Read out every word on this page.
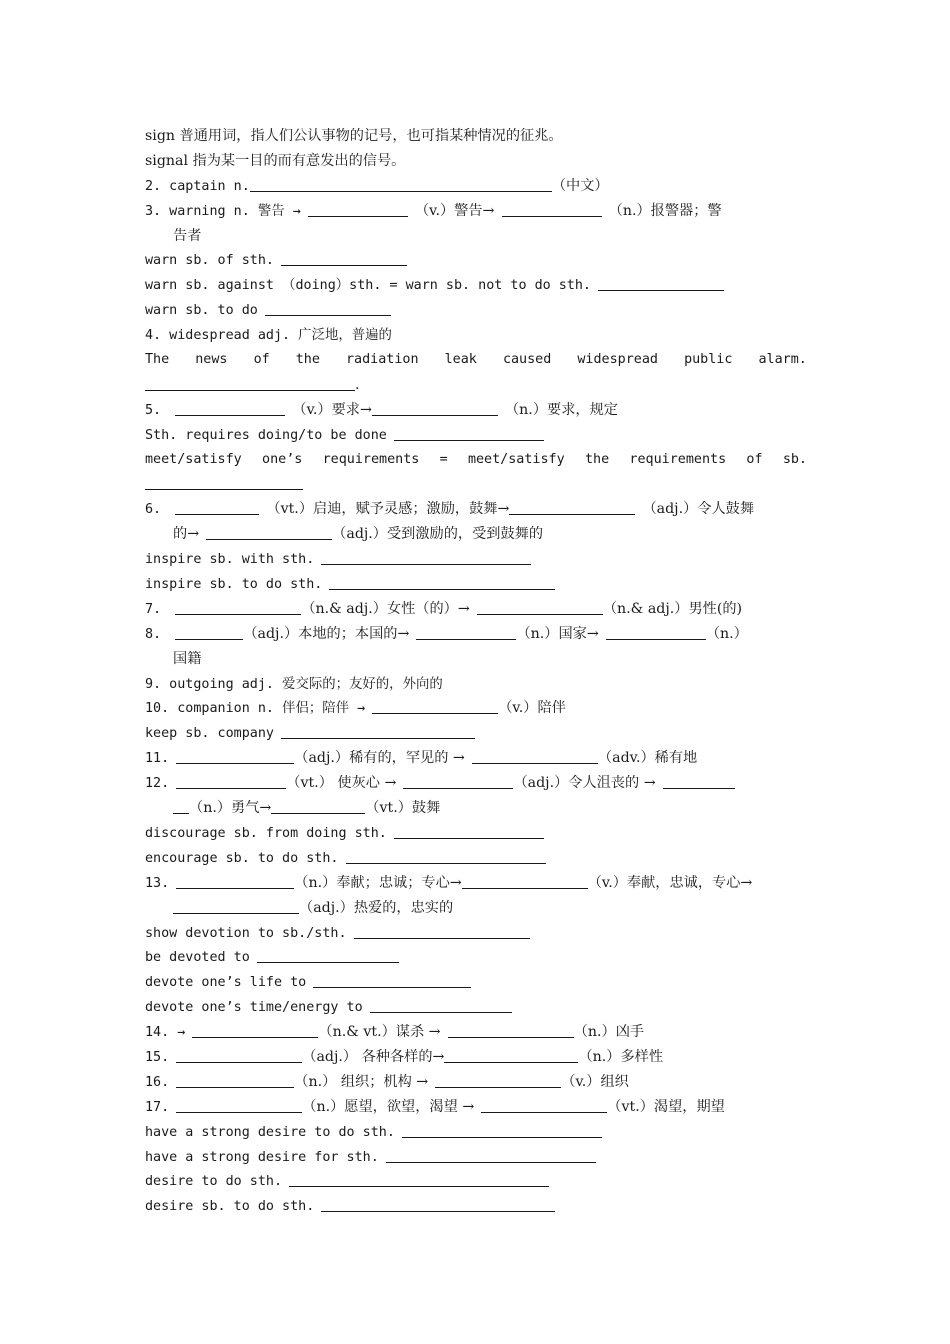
sign 普通用词，指人们公认事物的记号，也可指某种情况的征兆。
signal 指为某一目的而有意发出的信号。
2. captain n.	（中文）
3. warning n. 警告 →	（v.）警告→	（n.）报警器；警
告者
warn sb. of sth.
warn sb. against （doing）sth. = warn sb. not to do sth.
warn sb. to do
4. widespread adj. 广泛地，普遍的
The news of the radiation leak caused widespread public alarm.
.
5.	（v.）要求→	（n.）要求，规定
Sth. requires doing/to be done
meet/satisfy one’s requirements = meet/satisfy the requirements of sb.
6.	（vt.）启迪，赋予灵感；激励，鼓舞→	（adj.）令人鼓舞
的→	（adj.）受到激励的，受到鼓舞的
inspire sb. with sth.
inspire sb. to do sth.
7.	（n.& adj.）女性（的）→	（n.& adj.）男性(的)
8.	（adj.）本地的；本国的→	（n.）国家→	（n.）
国籍
9. outgoing adj. 爱交际的；友好的，外向的
10. companion n. 伴侣；陪伴 →	（v.）陪伴
keep sb. company
11.	（adj.）稀有的，罕见的 →	（adv.）稀有地
12.	（vt.） 使灰心 →	（adj.）令人沮丧的 →
（n.）勇气→	（vt.）鼓舞
discourage sb. from doing sth.
encourage sb. to do sth.
13.	（n.）奉献；忠诚；专心→	（v.）奉献，忠诚，专心→
（adj.）热爱的，忠实的
show devotion to sb./sth.
be devoted to
devote one’s life to
devote one’s time/energy to
14. →	（n.& vt.）谋杀 →	（n.）凶手
15.	（adj.） 各种各样的→	（n.）多样性
16.	（n.） 组织；机构 →	（v.）组织
17.	（n.）愿望，欲望，渴望 →	（vt.）渴望，期望
have a strong desire to do sth.
have a strong desire for sth.
desire to do sth.
desire sb. to do sth.
